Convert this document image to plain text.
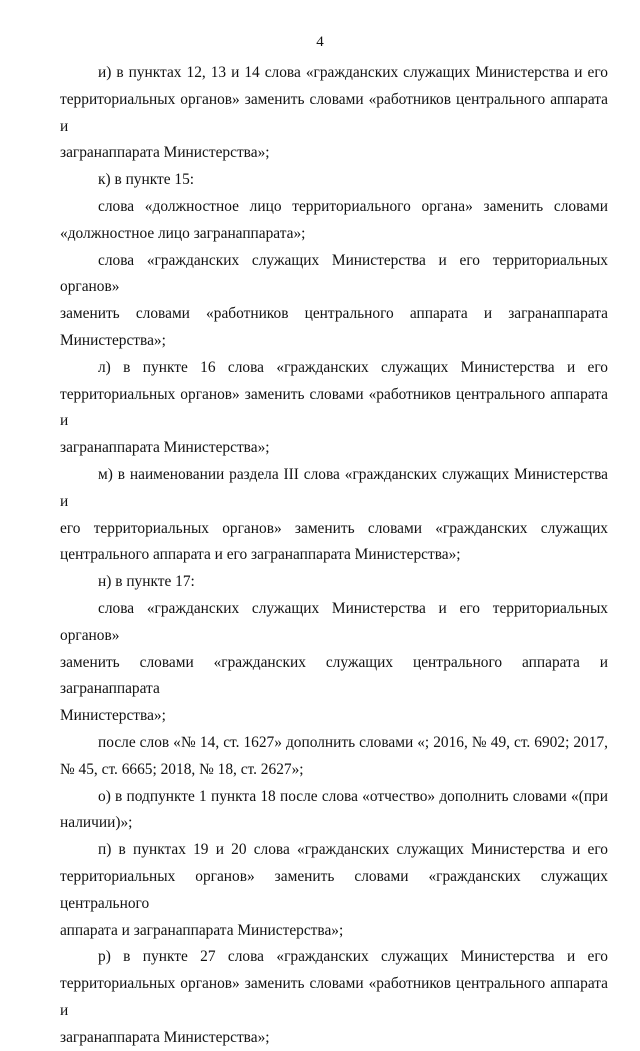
4

и) в пунктах 12, 13 и 14 слова «гражданских служащих Министерства и его
территориальных органов» заменить словами «работников центрального аппарата и
загранаппарата Министерства»;

к) в пункте 15:

слова «должностное лицо территориального органа» заменить словами
«должностное лицо загранаппарата»;

слова «гражданских служащих Министерства и его территориальных органов»
заменить словами «работников центрального аппарата и загранаппарата
Министерства»;

л) в пункте 16 слова «гражданских служащих Министерства и его
территориальных органов» заменить словами «работников центрального аппарата и
загранаппарата Министерства»;

м) в наименовании раздела III слова «гражданских служащих Министерства и
его территориальных органов» заменить словами «гражданских служащих
центрального аппарата и его загранаппарата Министерства»;

н) в пункте 17:

слова «гражданских служащих Министерства и его территориальных органов»
заменить словами «гражданских служащих центрального аппарата и загранаппарата
Министерства»;

после слов «№ 14, ст. 1627» дополнить словами «; 2016, № 49, ст. 6902; 2017,
№ 45, ст. 6665; 2018, № 18, ст. 2627»;

о) в подпункте 1 пункта 18 после слова «отчество» дополнить словами «(при
наличии)»;

п) в пунктах 19 и 20 слова «гражданских служащих Министерства и его
территориальных органов» заменить словами «гражданских служащих центрального
аппарата и загранаппарата Министерства»;

р) в пункте 27 слова «гражданских служащих Министерства и его
территориальных органов» заменить словами «работников центрального аппарата и
загранаппарата Министерства»;
